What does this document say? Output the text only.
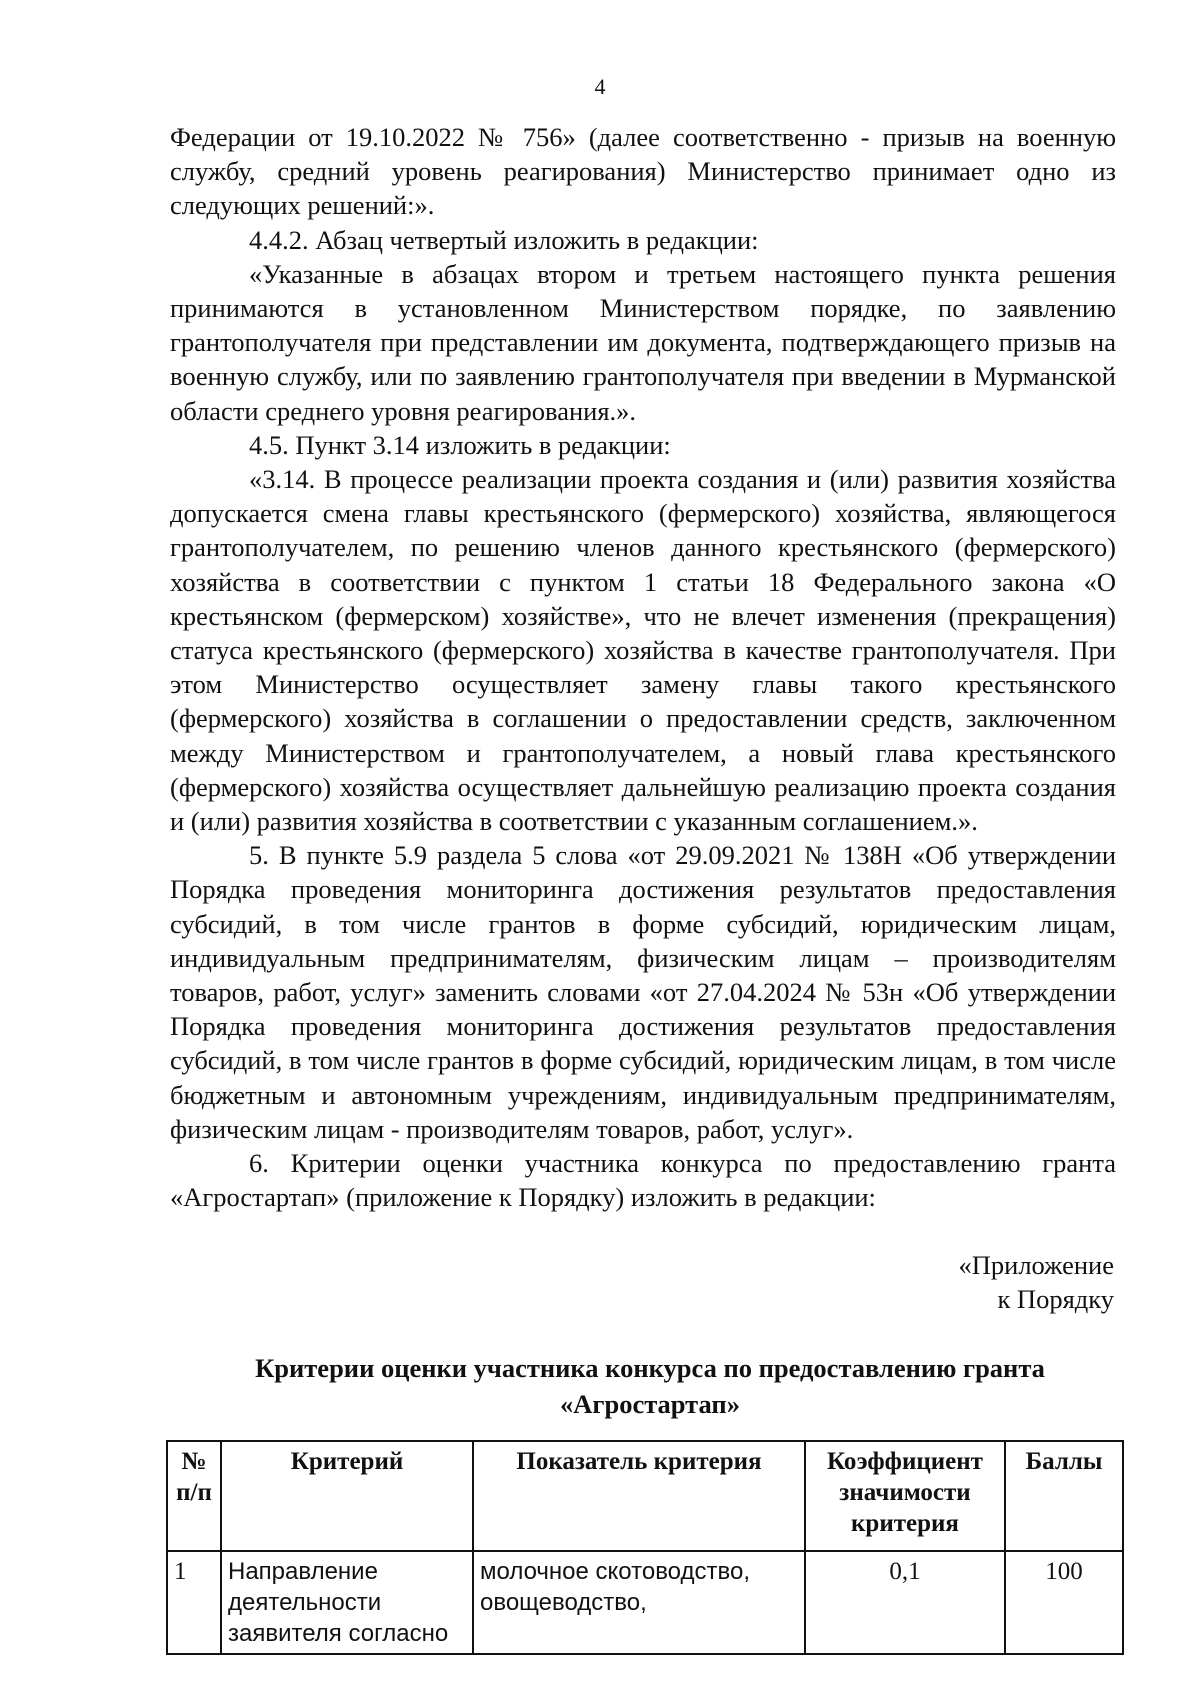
4

Федерации от 19.10.2022 № 756» (далее соответственно - призыв на военную службу, средний уровень реагирования) Министерство принимает одно из следующих решений:».

4.4.2. Абзац четвертый изложить в редакции:

«Указанные в абзацах втором и третьем настоящего пункта решения принимаются в установленном Министерством порядке, по заявлению грантополучателя при представлении им документа, подтверждающего призыв на военную службу, или по заявлению грантополучателя при введении в Мурманской области среднего уровня реагирования.».

4.5. Пункт 3.14 изложить в редакции:

«3.14. В процессе реализации проекта создания и (или) развития хозяйства допускается смена главы крестьянского (фермерского) хозяйства, являющегося грантополучателем, по решению членов данного крестьянского (фермерского) хозяйства в соответствии с пунктом 1 статьи 18 Федерального закона «О крестьянском (фермерском) хозяйстве», что не влечет изменения (прекращения) статуса крестьянского (фермерского) хозяйства в качестве грантополучателя. При этом Министерство осуществляет замену главы такого крестьянского (фермерского) хозяйства в соглашении о предоставлении средств, заключенном между Министерством и грантополучателем, а новый глава крестьянского (фермерского) хозяйства осуществляет дальнейшую реализацию проекта создания и (или) развития хозяйства в соответствии с указанным соглашением.».

5. В пункте 5.9 раздела 5 слова «от 29.09.2021 № 138Н «Об утверждении Порядка проведения мониторинга достижения результатов предоставления субсидий, в том числе грантов в форме субсидий, юридическим лицам, индивидуальным предпринимателям, физическим лицам – производителям товаров, работ, услуг» заменить словами «от 27.04.2024 № 53н «Об утверждении Порядка проведения мониторинга достижения результатов предоставления субсидий, в том числе грантов в форме субсидий, юридическим лицам, в том числе бюджетным и автономным учреждениям, индивидуальным предпринимателям, физическим лицам - производителям товаров, работ, услуг».

6. Критерии оценки участника конкурса по предоставлению гранта «Агростартап» (приложение к Порядку) изложить в редакции:

«Приложение
к Порядку
Критерии оценки участника конкурса по предоставлению гранта
«Агростартап»
№ п/п	Критерий	Показатель критерия	Коэффициент значимости критерия	Баллы
1	Направление деятельности заявителя согласно	молочное скотоводство, овощеводство,	0,1	100
